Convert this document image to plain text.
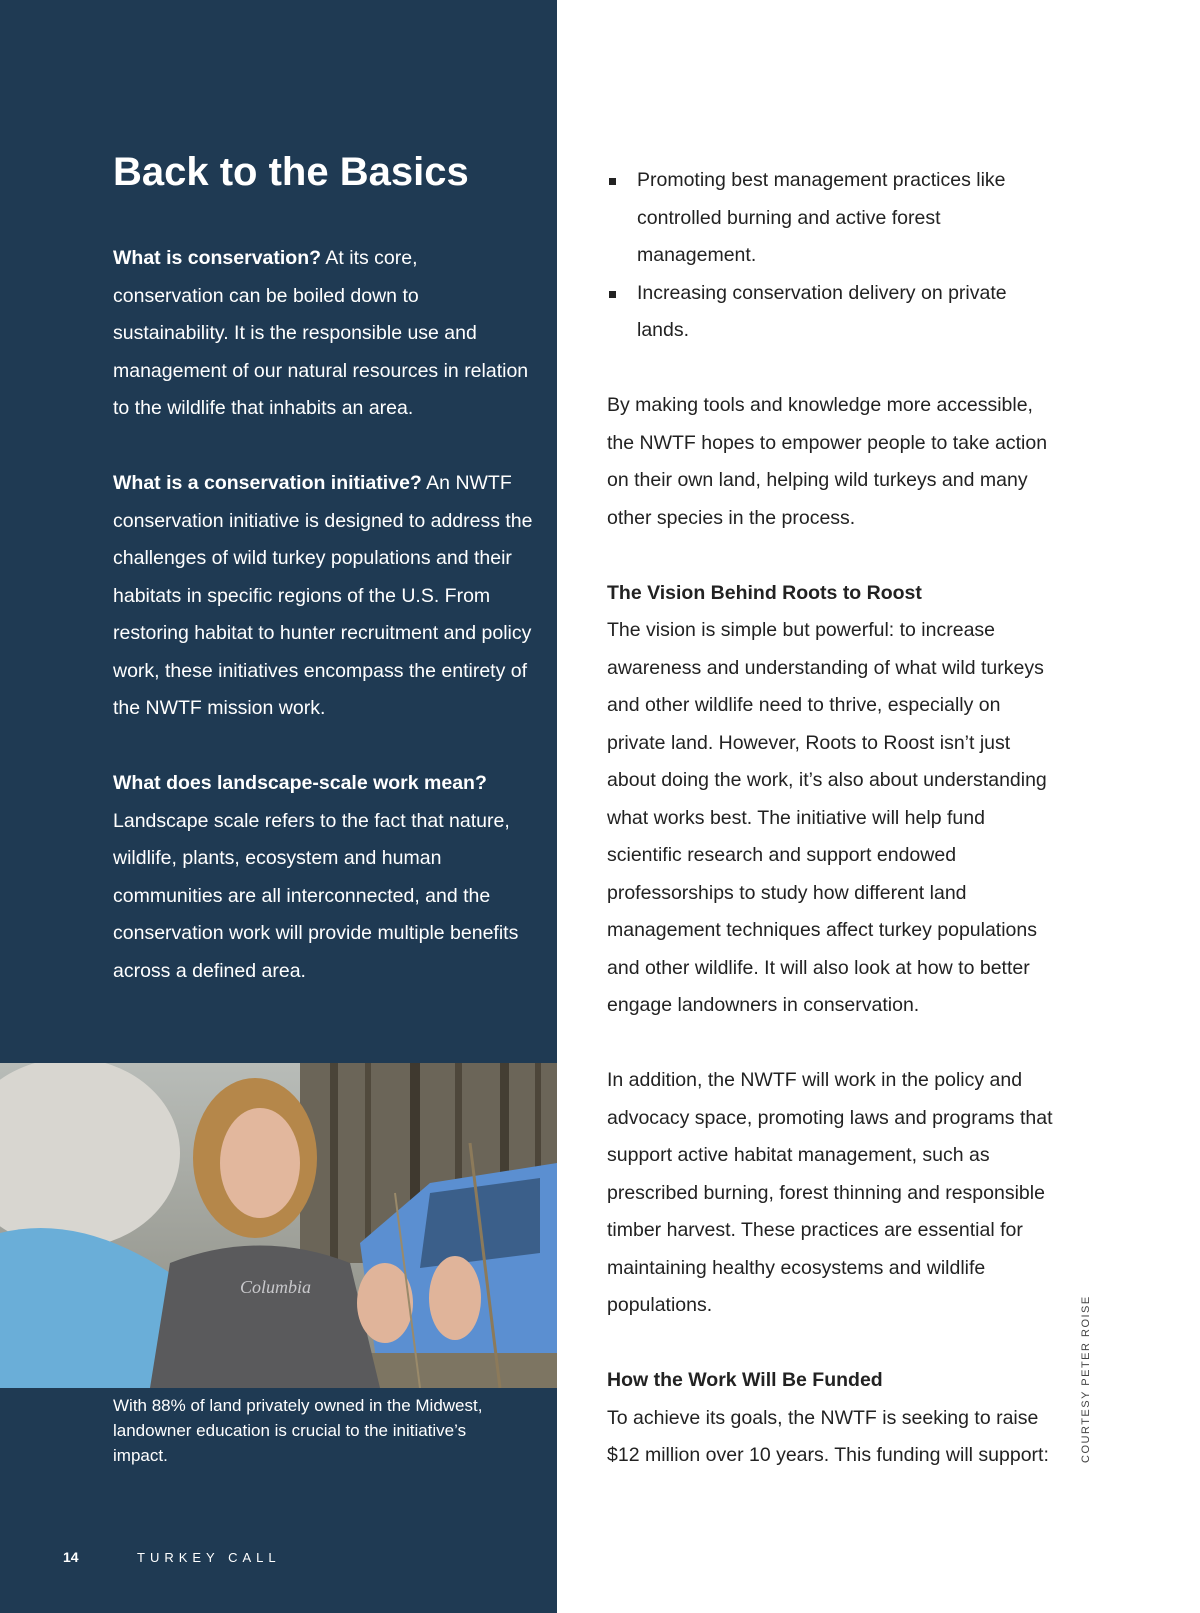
Back to the Basics

What is conservation? At its core, conservation can be boiled down to sustainability. It is the responsible use and management of our natural resources in relation to the wildlife that inhabits an area.

What is a conservation initiative? An NWTF conservation initiative is designed to address the challenges of wild turkey populations and their habitats in specific regions of the U.S. From restoring habitat to hunter recruitment and policy work, these initiatives encompass the entirety of the NWTF mission work.

What does landscape-scale work mean? Landscape scale refers to the fact that nature, wildlife, plants, ecosystem and human communities are all interconnected, and the conservation work will provide multiple benefits across a defined area.

Columbia
With 88% of land privately owned in the Midwest, landowner education is crucial to the initiative’s impact.
14	TURKEY CALL
Promoting best management practices like controlled burning and active forest management.
Increasing conservation delivery on private lands.

By making tools and knowledge more accessible, the NWTF hopes to empower people to take action on their own land, helping wild turkeys and many other species in the process.

The Vision Behind Roots to Roost

The vision is simple but powerful: to increase awareness and understanding of what wild turkeys and other wildlife need to thrive, especially on private land. However, Roots to Roost isn’t just about doing the work, it’s also about understanding what works best. The initiative will help fund scientific research and support endowed professorships to study how different land management techniques affect turkey populations and other wildlife. It will also look at how to better engage landowners in conservation.

In addition, the NWTF will work in the policy and advocacy space, promoting laws and programs that support active habitat management, such as prescribed burning, forest thinning and responsible timber harvest. These practices are essential for maintaining healthy ecosystems and wildlife populations.

How the Work Will Be Funded

To achieve its goals, the NWTF is seeking to raise $12 million over 10 years. This funding will support:	COURTESY PETER ROISE
